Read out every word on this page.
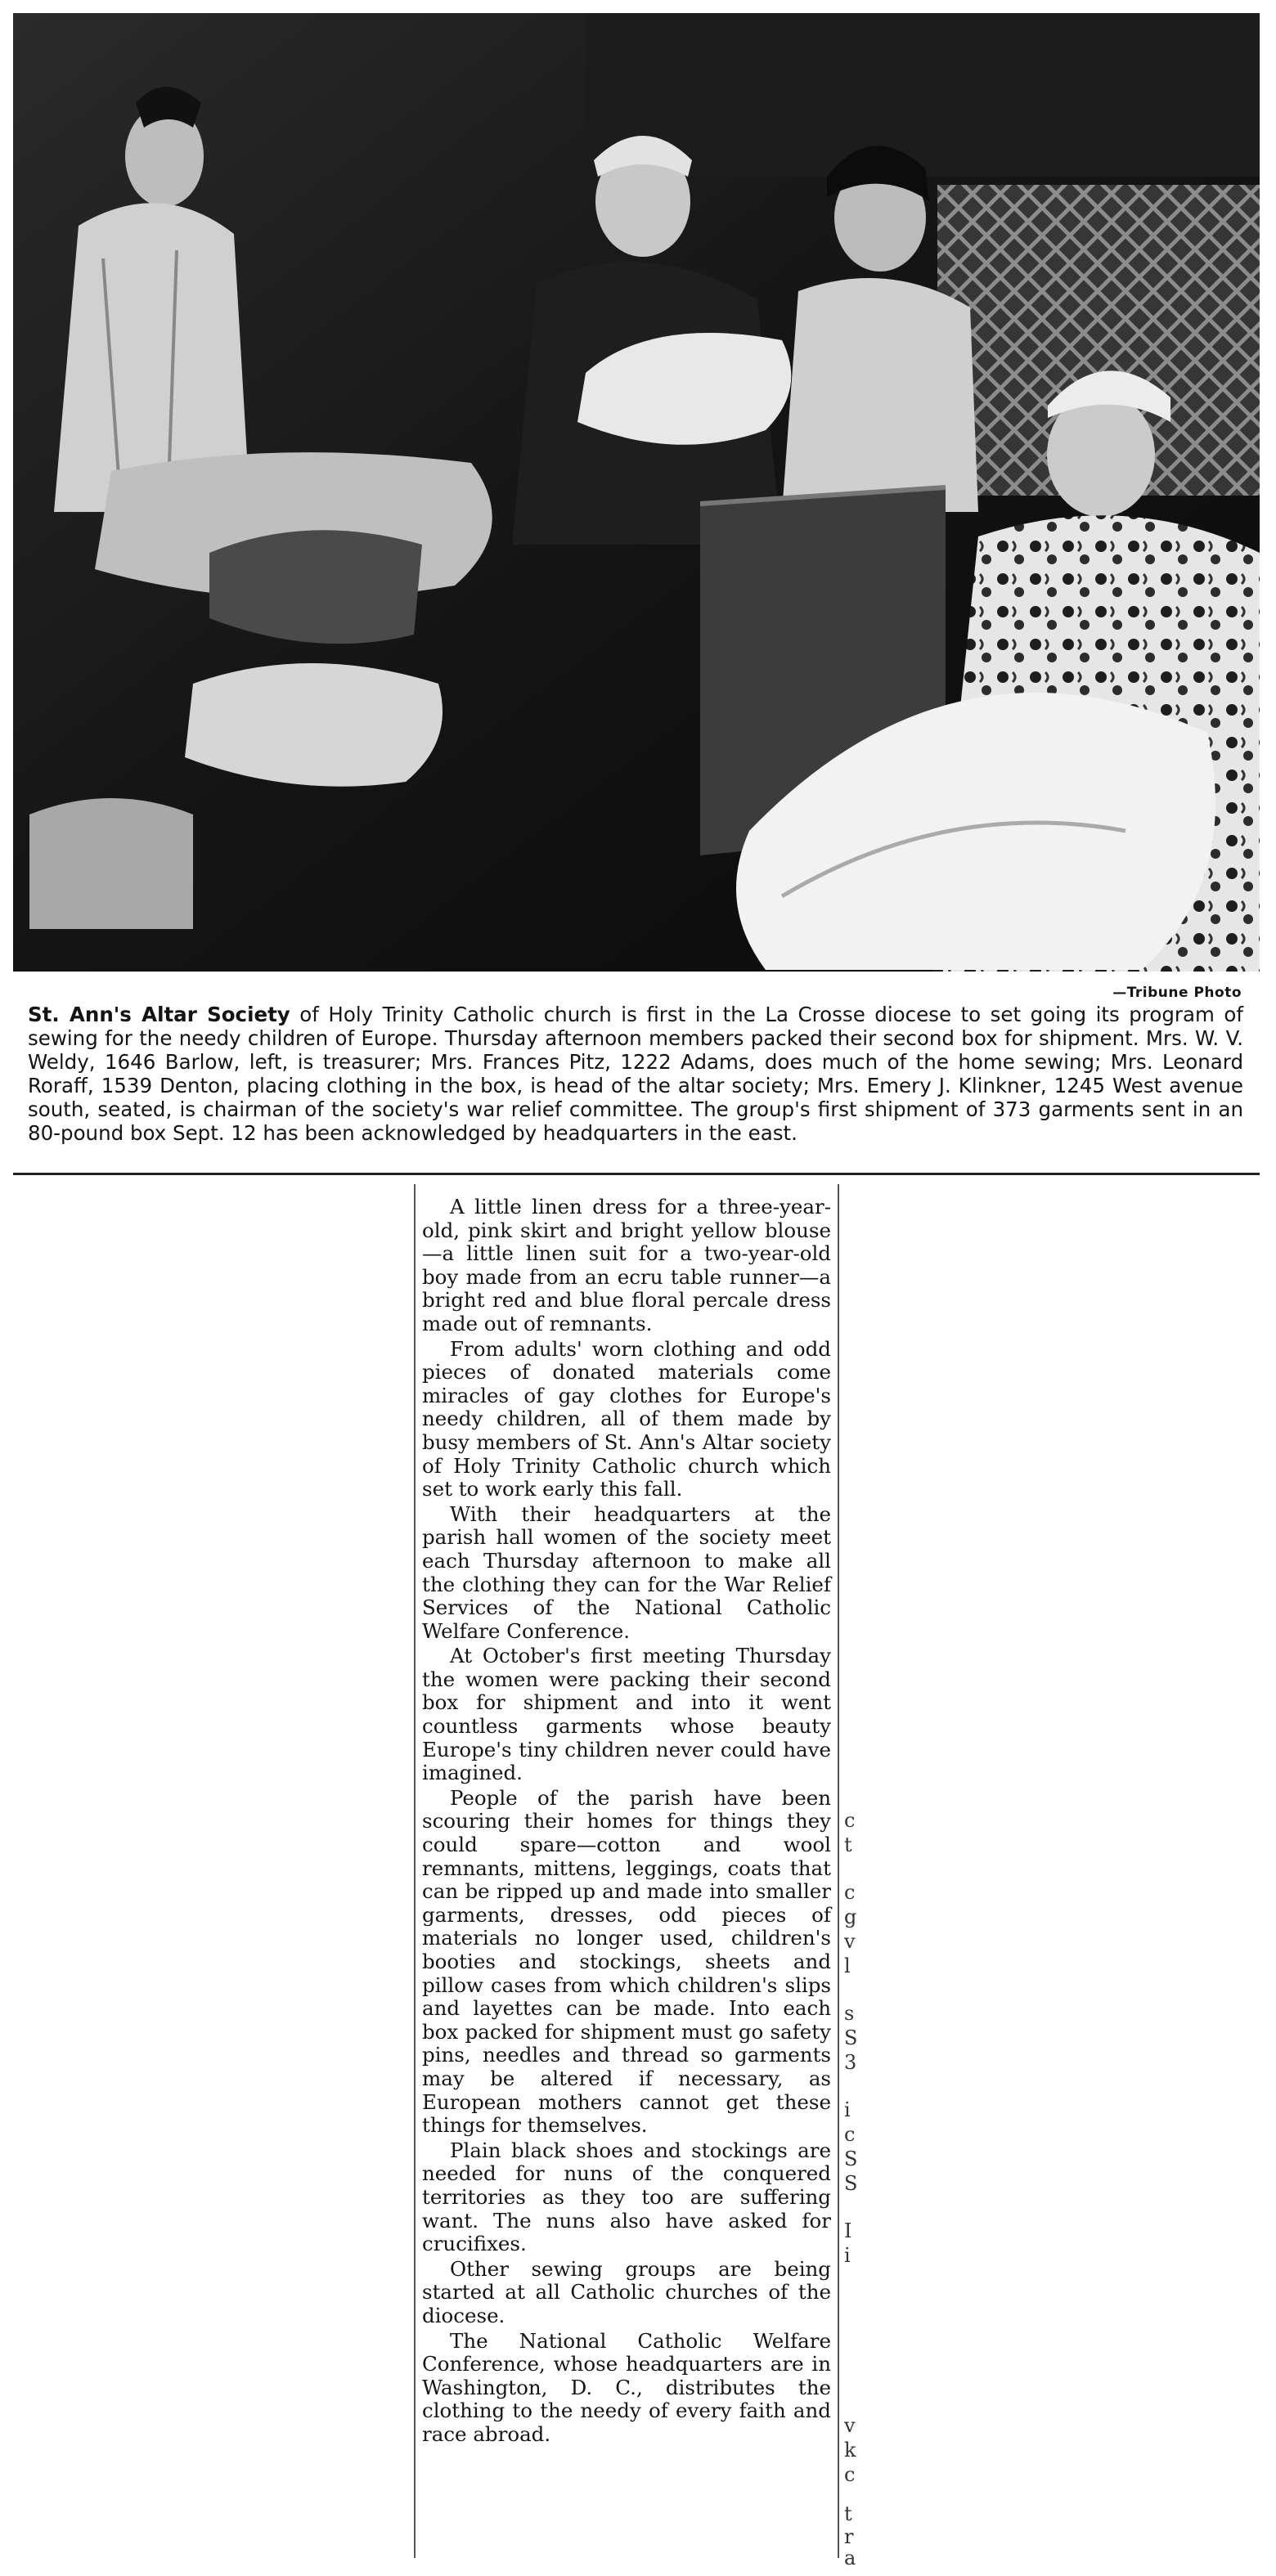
—Tribune Photo
St. Ann's Altar Society of Holy Trinity Catholic church is first in the La Crosse diocese to set going its program of sewing for the needy children of Europe. Thursday afternoon members packed their second box for shipment. Mrs. W. V. Weldy, 1646 Barlow, left, is treasurer; Mrs. Frances Pitz, 1222 Adams, does much of the home sewing; Mrs. Leonard Roraff, 1539 Denton, placing clothing in the box, is head of the altar society; Mrs. Emery J. Klinkner, 1245 West avenue south, seated, is chairman of the society's war relief committee. The group's first shipment of 373 garments sent in an 80-pound box Sept. 12 has been acknowledged by headquarters in the east.

A little linen dress for a three-year-old, pink skirt and bright yellow blouse—a little linen suit for a two-year-old boy made from an ecru table runner—a bright red and blue floral percale dress made out of remnants.

From adults' worn clothing and odd pieces of donated materials come miracles of gay clothes for Europe's needy children, all of them made by busy members of St. Ann's Altar society of Holy Trinity Catholic church which set to work early this fall.

With their headquarters at the parish hall women of the society meet each Thursday afternoon to make all the clothing they can for the War Relief Services of the National Catholic Welfare Conference.

At October's first meeting Thursday the women were packing their second box for shipment and into it went countless garments whose beauty Europe's tiny children never could have imagined.

People of the parish have been scouring their homes for things they could spare—cotton and wool remnants, mittens, leggings, coats that can be ripped up and made into smaller garments, dresses, odd pieces of materials no longer used, children's booties and stockings, sheets and pillow cases from which children's slips and layettes can be made. Into each box packed for shipment must go safety pins, needles and thread so garments may be altered if necessary, as European mothers cannot get these things for themselves.

Plain black shoes and stockings are needed for nuns of the conquered territories as they too are suffering want. The nuns also have asked for crucifixes.

Other sewing groups are being started at all Catholic churches of the diocese.

The National Catholic Welfare Conference, whose headquarters are in Washington, D. C., distributes the clothing to the needy of every faith and race abroad.

c
t
c
g
v
l
s
S
3
i
c
S
S
I
i
v
k
c
t
r
a
